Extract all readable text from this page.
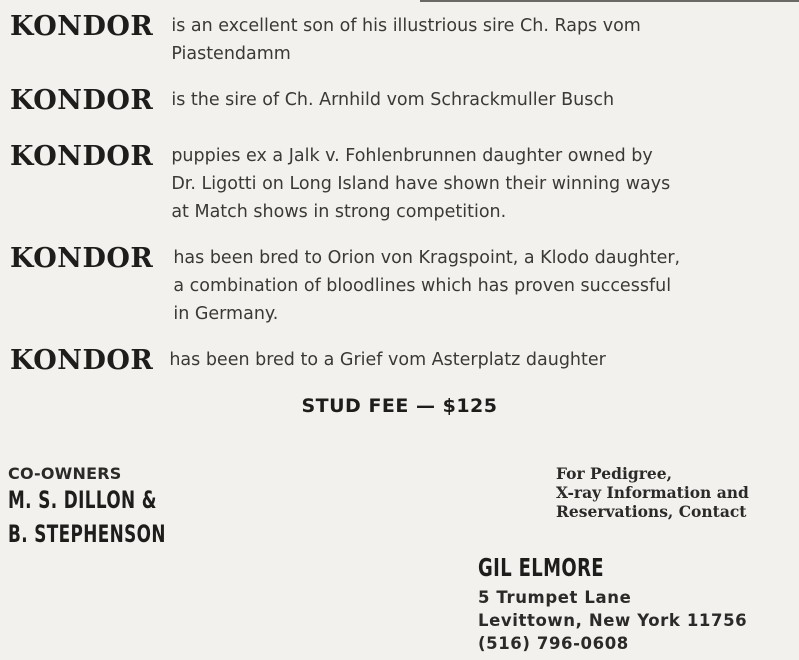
KONDOR is an excellent son of his illustrious sire Ch. Raps vom
Piastendamm
KONDOR is the sire of Ch. Arnhild vom Schrackmuller Busch
KONDOR puppies ex a Jalk v. Fohlenbrunnen daughter owned by
Dr. Ligotti on Long Island have shown their winning ways
at Match shows in strong competition.
KONDOR has been bred to Orion von Kragspoint, a Klodo daughter,
a combination of bloodlines which has proven successful
in Germany.
KONDOR has been bred to a Grief vom Asterplatz daughter
STUD FEE — $125
CO-OWNERS
M. S. DILLON &
B. STEPHENSON
For Pedigree,
X-ray Information and
Reservations, Contact
GIL ELMORE
5 Trumpet Lane
Levittown, New York 11756
(516) 796-0608
